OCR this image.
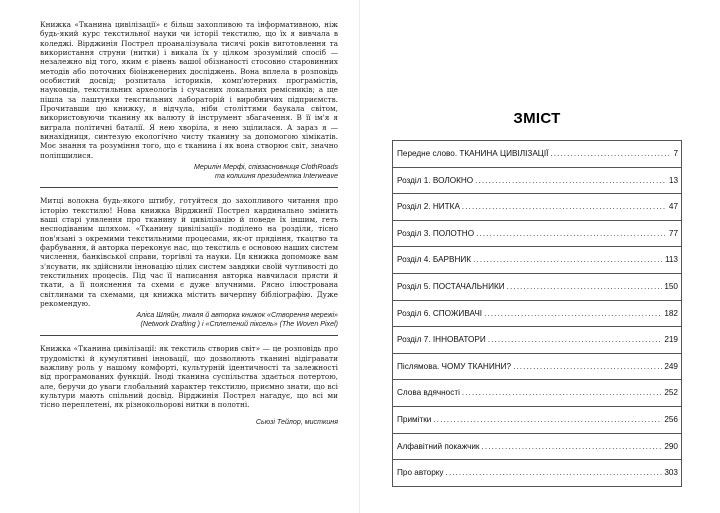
Книжка «Тканина цивілізації» є більш захопливою та інформативною, ніж будь-який курс текстильної науки чи історії текстилю, що їх я вивчала в коледжі. Вірджинія Пострел проаналізувала тисячі років виготовлення та використання струни (нитки) і викала їх у цілком зрозумілий спосіб — незалежно від того, яким є рівень вашої обізнаності стосовно старовинних методів або поточних біоінженерних досліджень. Вона вплела в розповідь особистий досвід; розпитала істориків, комп'ютерних програмістів, науковців, текстильних археологів і сучасних локальних ремісників; а ще пішла за лаштунки текстильних лабораторій і виробничих підприємств. Прочитавши цю книжку, я відчула, ніби століттями баукала світом, використовуючи тканину як валюту й інструмент збагачення. В її ім'я я виграла політичні баталії. Я нею хворіла, я нею зцілилася. А зараз я — винахідниця, синтезую екологічно чисту тканину за допомогою хімікатів. Моє знання та розуміння того, що є тканина і як вона створює світ, значно поліпшилися.

Мерилін Мерфі, співзасновниця ClothRoads
та колишня президентка Interweave

Митці волокна будь-якого штибу, готуйтеся до захопливого читання про історію текстилю! Нова книжка Вірджинії Пострел кардинально змінить ваші старі уявлення про тканину й цивілізацію й поведе їх іншим, геть несподіваним шляхом. «Тканину цивілізації» поділено на розділи, тісно пов'язані з окремими текстильними процесами, як-от прядіння, ткацтво та фарбування, й авторка переконує нас, що текстиль є основою наших систем числення, банківської справи, торгівлі та науки. Ця книжка допоможе вам з'ясувати, як здійснили інновацію цілих систем завдяки своїй чутливості до текстильних процесів. Під час її написання авторка навчилася прясти й ткати, а її пояснення та схеми є дуже влучними. Рясно ілюстрована світлинами та схемами, ця книжка містить вичерпну бібліографію. Дуже рекомендую.

Аліса Шляйн, ткаля й авторка книжок «Створення мережі»
(Network Drafting ) і «Сплетений піксель» (The Woven Pixel)

Книжка «Тканина цивілізації: як текстиль створив світ» — це розповідь про трудомісткі й кумулятивні інновації, що дозволяють тканині відігравати важливу роль у нашому комфорті, культурній ідентичності та залежності від програмованих функцій. Іноді тканина суспільства здається потертою, але, беручи до уваги глобальний характер текстилю, приємно знати, що всі культури мають спільний досвід. Вірджинія Пострел нагадує, що всі ми тісно переплетені, як різнокольорові нитки в полотні.

Сьюзі Тейлор, мисткиня

ЗМІСТ
Передне слово. ТКАНИНА ЦИВІЛІЗАЦІЇ . . .	7
Розділ 1. ВОЛОКНО . . .	13
Розділ 2. НИТКА . . .	47
Розділ 3. ПОЛОТНО . . .	77
Розділ 4. БАРВНИК . . .	113
Розділ 5. ПОСТАЧАЛЬНИКИ . . .	150
Розділ 6. СПОЖИВАЧІ . . .	182
Розділ 7. ІННОВАТОРИ . . .	219
Післямова. ЧОМУ ТКАНИНИ? . . .	249
Слова вдячності . . .	252
Примітки . . .	256
Алфавітний покажчик . . .	290
Про авторку . . .	303
